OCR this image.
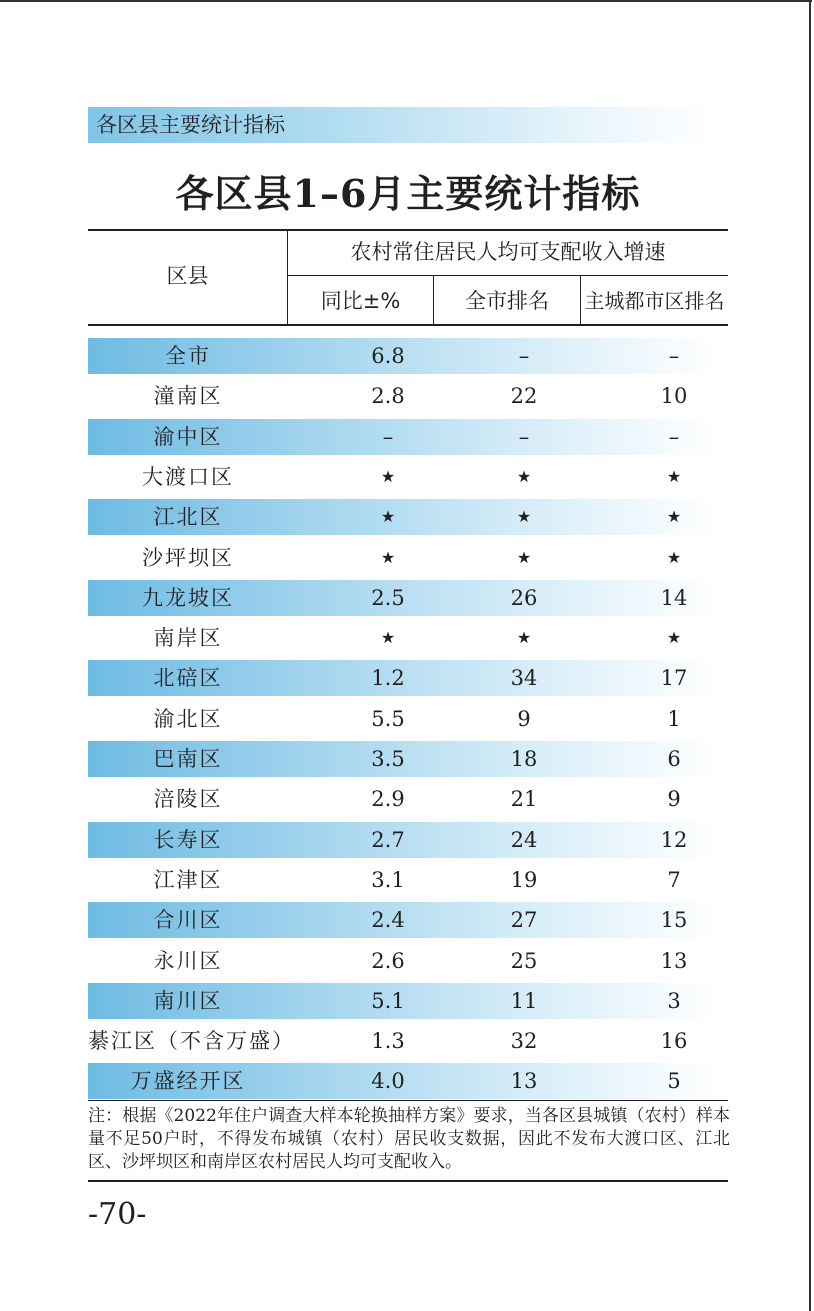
各区县主要统计指标
各区县1–6月主要统计指标
区县
农村常住居民人均可支配收入增速
同比±%	全市排名	主城都市区排名
全市	6.8	–	–
潼南区	2.8	22	10
渝中区	–	–	–
大渡口区	★	★	★
江北区	★	★	★
沙坪坝区	★	★	★
九龙坡区	2.5	26	14
南岸区	★	★	★
北碚区	1.2	34	17
渝北区	5.5	9	1
巴南区	3.5	18	6
涪陵区	2.9	21	9
长寿区	2.7	24	12
江津区	3.1	19	7
合川区	2.4	27	15
永川区	2.6	25	13
南川区	5.1	11	3
綦江区（不含万盛）	1.3	32	16
万盛经开区	4.0	13	5
注：根据《2022年住户调查大样本轮换抽样方案》要求，当各区县城镇（农村）样本量不足50户时，不得发布城镇（农村）居民收支数据，因此不发布大渡口区、江北区、沙坪坝区和南岸区农村居民人均可支配收入。
-70-
